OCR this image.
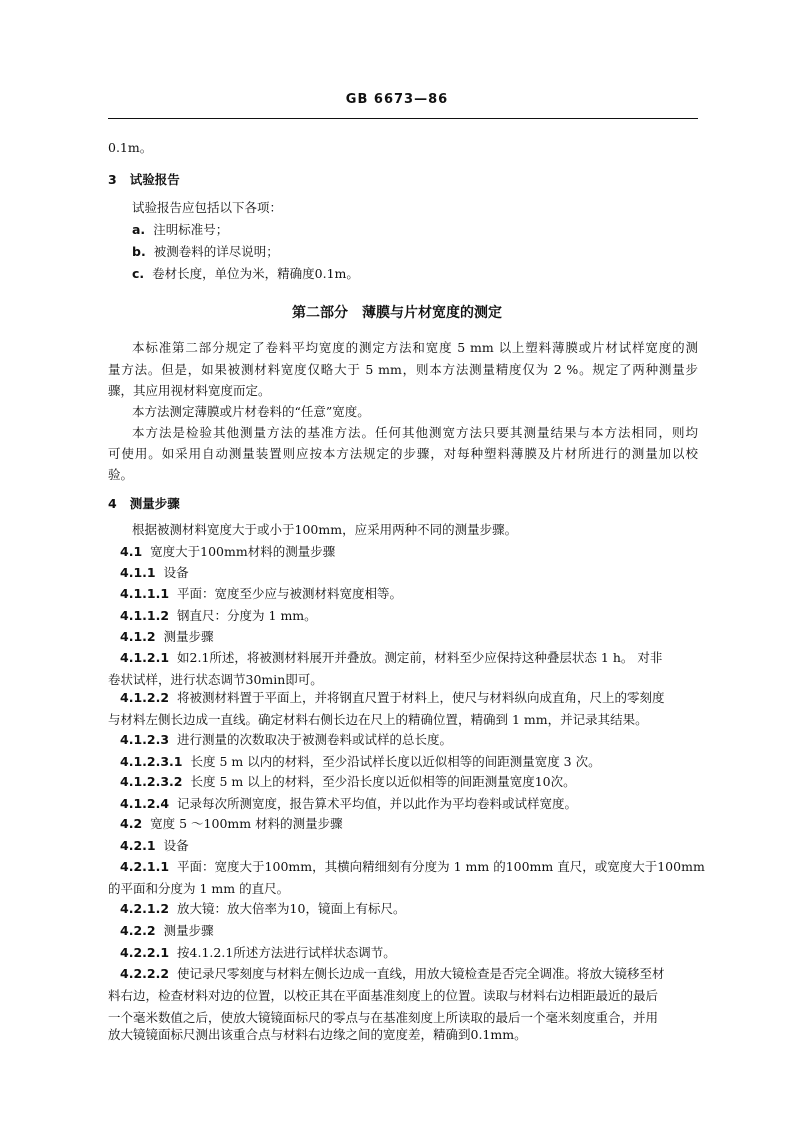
GB 6673—86
0.1m。
3 试验报告
试验报告应包括以下各项：
a. 注明标准号；
b. 被测卷料的详尽说明；
c. 卷材长度，单位为米，精确度0.1m。
第二部分　薄膜与片材宽度的测定
本标准第二部分规定了卷料平均宽度的测定方法和宽度 5 mm 以上塑料薄膜或片材试样宽度的测
量方法。但是，如果被测材料宽度仅略大于 5 mm，则本方法测量精度仅为 2 %。规定了两种测量步
骤，其应用视材料宽度而定。
本方法测定薄膜或片材卷料的“任意”宽度。
本方法是检验其他测量方法的基准方法。任何其他测宽方法只要其测量结果与本方法相同，则均
可使用。如采用自动测量装置则应按本方法规定的步骤，对每种塑料薄膜及片材所进行的测量加以校
验。
4 测量步骤
根据被测材料宽度大于或小于100mm，应采用两种不同的测量步骤。
4.1 宽度大于100mm材料的测量步骤
4.1.1 设备
4.1.1.1 平面：宽度至少应与被测材料宽度相等。
4.1.1.2 钢直尺：分度为 1 mm。
4.1.2 测量步骤
4.1.2.1 如2.1所述，将被测材料展开并叠放。测定前，材料至少应保持这种叠层状态 1 h。 对非
卷状试样，进行状态调节30min即可。
4.1.2.2 将被测材料置于平面上，并将钢直尺置于材料上，使尺与材料纵向成直角，尺上的零刻度
与材料左侧长边成一直线。确定材料右侧长边在尺上的精确位置，精确到 1 mm，并记录其结果。
4.1.2.3 进行测量的次数取决于被测卷料或试样的总长度。
4.1.2.3.1 长度 5 m 以内的材料，至少沿试样长度以近似相等的间距测量宽度 3 次。
4.1.2.3.2 长度 5 m 以上的材料，至少沿长度以近似相等的间距测量宽度10次。
4.1.2.4 记录每次所测宽度，报告算术平均值，并以此作为平均卷料或试样宽度。
4.2 宽度 5 ～100mm 材料的测量步骤
4.2.1 设备
4.2.1.1 平面：宽度大于100mm，其横向精细刻有分度为 1 mm 的100mm 直尺，或宽度大于100mm
的平面和分度为 1 mm 的直尺。
4.2.1.2 放大镜：放大倍率为10，镜面上有标尺。
4.2.2 测量步骤
4.2.2.1 按4.1.2.1所述方法进行试样状态调节。
4.2.2.2 使记录尺零刻度与材料左侧长边成一直线，用放大镜检查是否完全调准。将放大镜移至材
料右边，检查材料对边的位置，以校正其在平面基准刻度上的位置。读取与材料右边相距最近的最后
一个毫米数值之后，使放大镜镜面标尺的零点与在基准刻度上所读取的最后一个毫米刻度重合，并用
放大镜镜面标尺测出该重合点与材料右边缘之间的宽度差，精确到0.1mm。
